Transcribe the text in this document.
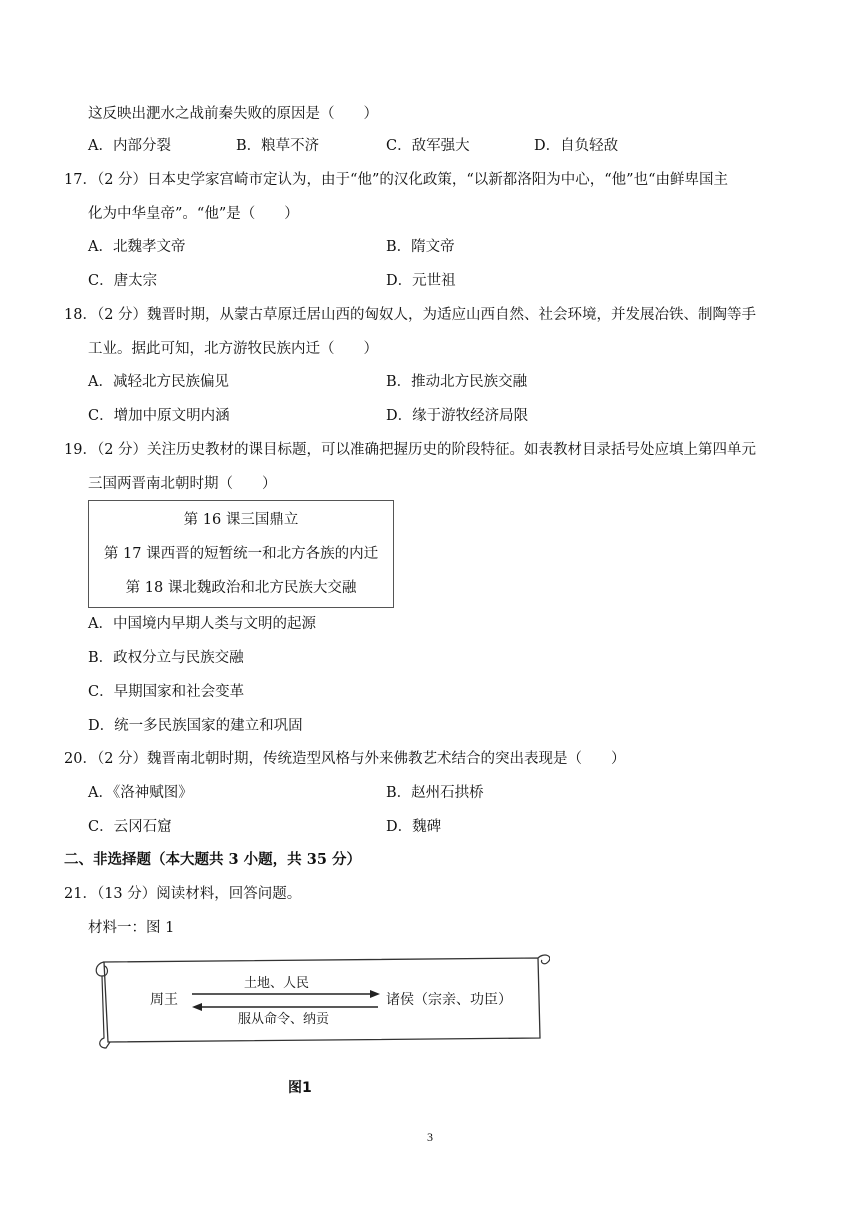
这反映出淝水之战前秦失败的原因是（　　）
A．内部分裂	B．粮草不济	C．敌军强大	D．自负轻敌
17．（2 分）日本史学家宫崎市定认为，由于“他”的汉化政策，“以新都洛阳为中心，“他”也“由鲜卑国主
化为中华皇帝”。“他”是（　　）
A．北魏孝文帝	B．隋文帝
C．唐太宗	D．元世祖
18．（2 分）魏晋时期，从蒙古草原迁居山西的匈奴人，为适应山西自然、社会环境，并发展冶铁、制陶等手
工业。据此可知，北方游牧民族内迁（　　）
A．减轻北方民族偏见	B．推动北方民族交融
C．增加中原文明内涵	D．缘于游牧经济局限
19．（2 分）关注历史教材的课目标题，可以准确把握历史的阶段特征。如表教材目录括号处应填上第四单元
三国两晋南北朝时期（　　）
第 16 课三国鼎立
第 17 课西晋的短暂统一和北方各族的内迁
第 18 课北魏政治和北方民族大交融
A．中国境内早期人类与文明的起源
B．政权分立与民族交融
C．早期国家和社会变革
D．统一多民族国家的建立和巩固
20．（2 分）魏晋南北朝时期，传统造型风格与外来佛教艺术结合的突出表现是（　　）
A．《洛神赋图》	B．赵州石拱桥
C．云冈石窟	D．魏碑
二、非选择题（本大题共 3 小题，共 35 分）
21．（13 分）阅读材料，回答问题。
材料一：图 1
周王
土地、人民
服从命令、纳贡
诸侯（宗亲、功臣）
图1
3
